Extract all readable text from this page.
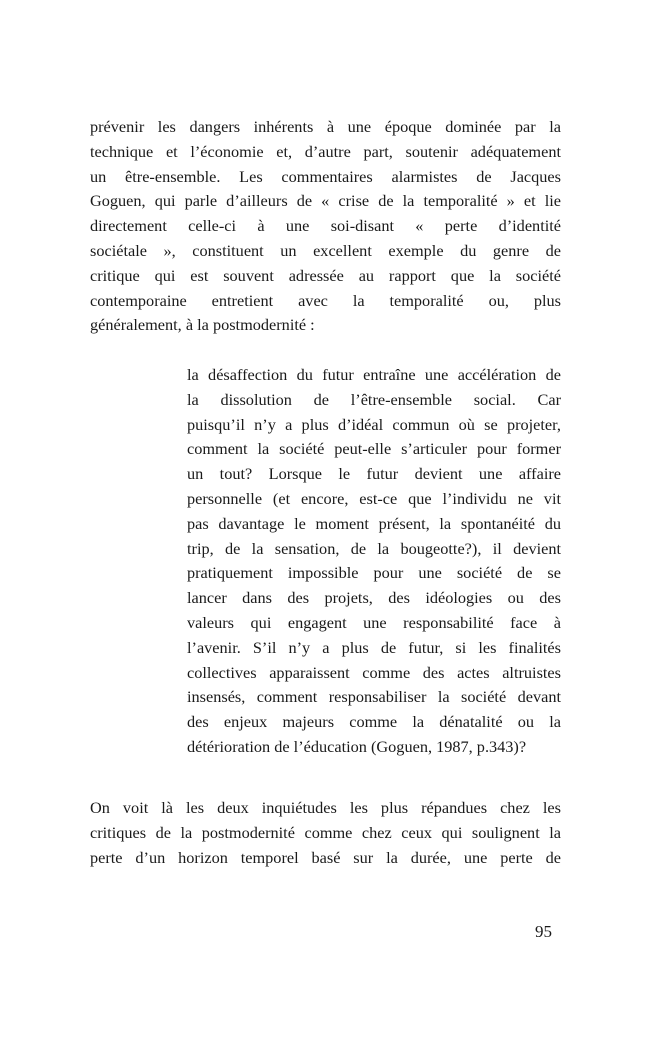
prévenir les dangers inhérents à une époque dominée par la
technique et l’économie et, d’autre part, soutenir adéquatement
un être-ensemble. Les commentaires alarmistes de Jacques
Goguen, qui parle d’ailleurs de « crise de la temporalité » et lie
directement celle-ci à une soi-disant « perte d’identité
sociétale », constituent un excellent exemple du genre de
critique qui est souvent adressée au rapport que la société
contemporaine entretient avec la temporalité ou, plus
généralement, à la postmodernité :
la désaffection du futur entraîne une accélération de
la dissolution de l’être-ensemble social. Car
puisqu’il n’y a plus d’idéal commun où se projeter,
comment la société peut-elle s’articuler pour former
un tout? Lorsque le futur devient une affaire
personnelle (et encore, est-ce que l’individu ne vit
pas davantage le moment présent, la spontanéité du
trip, de la sensation, de la bougeotte?), il devient
pratiquement impossible pour une société de se
lancer dans des projets, des idéologies ou des
valeurs qui engagent une responsabilité face à
l’avenir. S’il n’y a plus de futur, si les finalités
collectives apparaissent comme des actes altruistes
insensés, comment responsabiliser la société devant
des enjeux majeurs comme la dénatalité ou la
détérioration de l’éducation (Goguen, 1987, p.343)?
On voit là les deux inquiétudes les plus répandues chez les
critiques de la postmodernité comme chez ceux qui soulignent la
perte d’un horizon temporel basé sur la durée, une perte de
95
